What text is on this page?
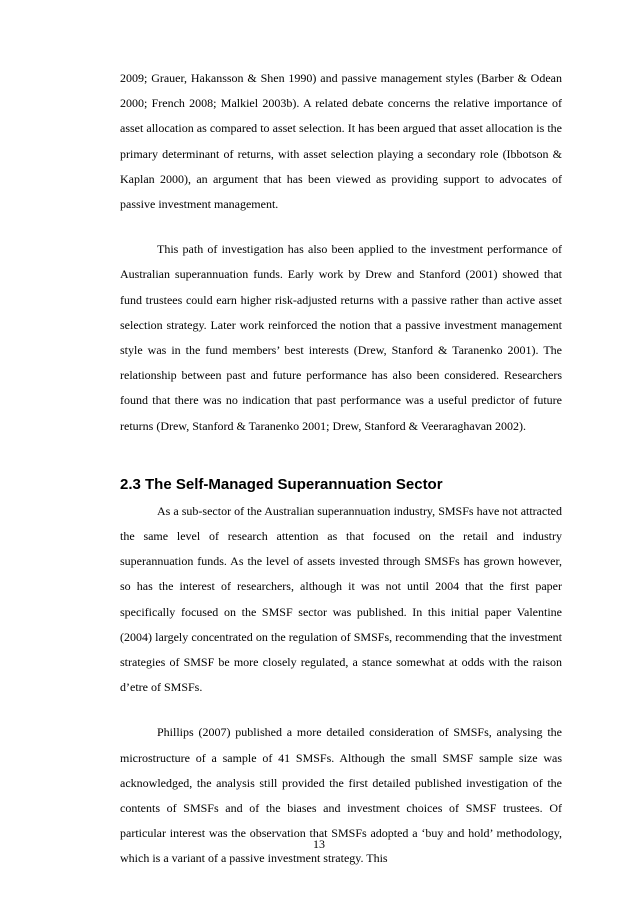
2009; Grauer, Hakansson & Shen 1990) and passive management styles (Barber & Odean 2000; French 2008; Malkiel 2003b). A related debate concerns the relative importance of asset allocation as compared to asset selection. It has been argued that asset allocation is the primary determinant of returns, with asset selection playing a secondary role (Ibbotson & Kaplan 2000), an argument that has been viewed as providing support to advocates of passive investment management.

This path of investigation has also been applied to the investment performance of Australian superannuation funds. Early work by Drew and Stanford (2001) showed that fund trustees could earn higher risk-adjusted returns with a passive rather than active asset selection strategy. Later work reinforced the notion that a passive investment management style was in the fund members’ best interests (Drew, Stanford & Taranenko 2001). The relationship between past and future performance has also been considered. Researchers found that there was no indication that past performance was a useful predictor of future returns (Drew, Stanford & Taranenko 2001; Drew, Stanford & Veeraraghavan 2002).

2.3 The Self-Managed Superannuation Sector

As a sub-sector of the Australian superannuation industry, SMSFs have not attracted the same level of research attention as that focused on the retail and industry superannuation funds. As the level of assets invested through SMSFs has grown however, so has the interest of researchers, although it was not until 2004 that the first paper specifically focused on the SMSF sector was published. In this initial paper Valentine (2004) largely concentrated on the regulation of SMSFs, recommending that the investment strategies of SMSF be more closely regulated, a stance somewhat at odds with the raison d’etre of SMSFs.

Phillips (2007) published a more detailed consideration of SMSFs, analysing the microstructure of a sample of 41 SMSFs. Although the small SMSF sample size was acknowledged, the analysis still provided the first detailed published investigation of the contents of SMSFs and of the biases and investment choices of SMSF trustees. Of particular interest was the observation that SMSFs adopted a ‘buy and hold’ methodology, which is a variant of a passive investment strategy. This

13
